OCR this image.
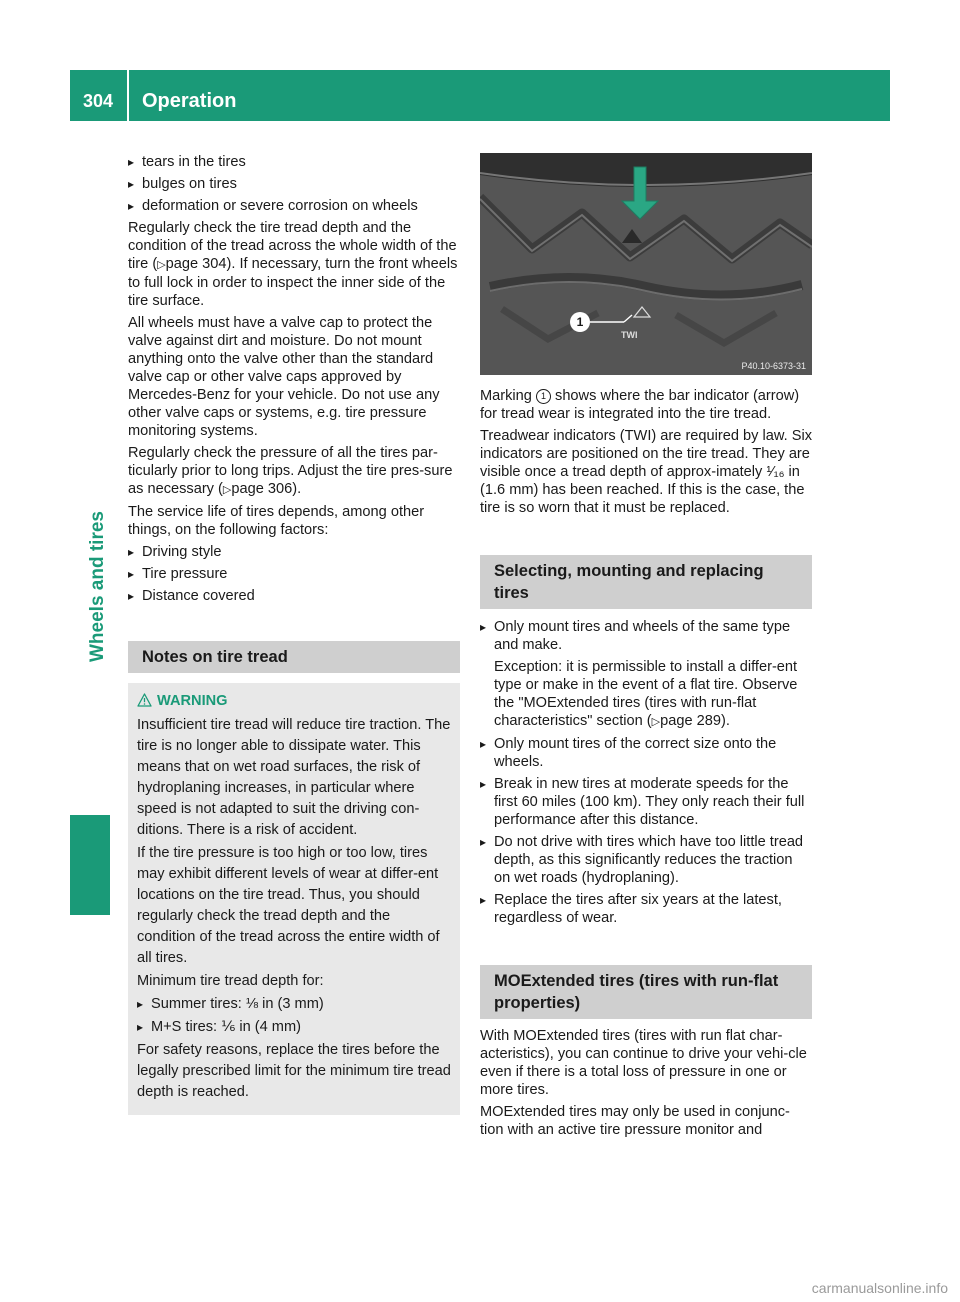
304	Operation
Wheels and tires
▸ tears in the tires
▸ bulges on tires
▸ deformation or severe corrosion on wheels

Regularly check the tire tread depth and the condition of the tread across the whole width of the tire (▷page 304). If necessary, turn the front wheels to full lock in order to inspect the inner side of the tire surface.

All wheels must have a valve cap to protect the valve against dirt and moisture. Do not mount anything onto the valve other than the standard valve cap or other valve caps approved by Mercedes-Benz for your vehicle. Do not use any other valve caps or systems, e.g. tire pressure monitoring systems.

Regularly check the pressure of all the tires par-ticularly prior to long trips. Adjust the tire pres-sure as necessary (▷page 306).

The service life of tires depends, among other things, on the following factors:

▸ Driving style
▸ Tire pressure
▸ Distance covered
Notes on tire tread
WARNING

Insufficient tire tread will reduce tire traction. The tire is no longer able to dissipate water. This means that on wet road surfaces, the risk of hydroplaning increases, in particular where speed is not adapted to suit the driving con-ditions. There is a risk of accident.

If the tire pressure is too high or too low, tires may exhibit different levels of wear at differ-ent locations on the tire tread. Thus, you should regularly check the tread depth and the condition of the tread across the entire width of all tires.

Minimum tire tread depth for:

▸ Summer tires: ⅛ in (3 mm)
▸ M+S tires: ⅙ in (4 mm)

For safety reasons, replace the tires before the legally prescribed limit for the minimum tire tread depth is reached.

1
TWI
P40.10-6373-31

Marking 1 shows where the bar indicator (arrow) for tread wear is integrated into the tire tread.

Treadwear indicators (TWI) are required by law. Six indicators are positioned on the tire tread. They are visible once a tread depth of approx-imately ¹⁄₁₆ in (1.6 mm) has been reached. If this is the case, the tire is so worn that it must be replaced.

Selecting, mounting and replacing tires
▸ Only mount tires and wheels of the same type and make.
Exception: it is permissible to install a differ-ent type or make in the event of a flat tire. Observe the "MOExtended tires (tires with run-flat characteristics" section (▷page 289).
▸ Only mount tires of the correct size onto the wheels.
▸ Break in new tires at moderate speeds for the first 60 miles (100 km). They only reach their full performance after this distance.
▸ Do not drive with tires which have too little tread depth, as this significantly reduces the traction on wet roads (hydroplaning).
▸ Replace the tires after six years at the latest, regardless of wear.
MOExtended tires (tires with run-flat properties)

With MOExtended tires (tires with run flat char-acteristics), you can continue to drive your vehi-cle even if there is a total loss of pressure in one or more tires.

MOExtended tires may only be used in conjunc-tion with an active tire pressure monitor and

carmanualsonline.info
